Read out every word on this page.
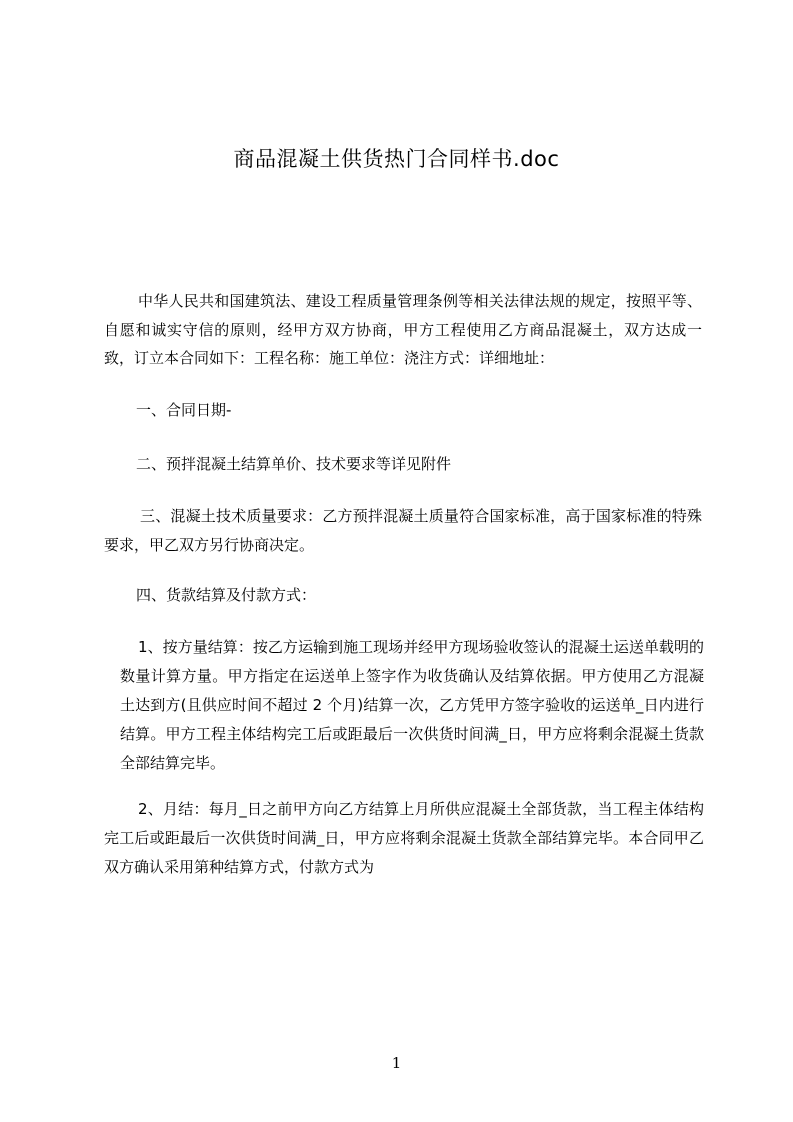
商品混凝土供货热门合同样书.doc

中华人民共和国建筑法、建设工程质量管理条例等相关法律法规的规定，按照平等、自愿和诚实守信的原则，经甲方双方协商，甲方工程使用乙方商品混凝土，双方达成一致，订立本合同如下：工程名称：施工单位：浇注方式：详细地址：

一、合同日期-

二、预拌混凝土结算单价、技术要求等详见附件

三、混凝土技术质量要求：乙方预拌混凝土质量符合国家标准，高于国家标准的特殊要求，甲乙双方另行协商决定。

四、货款结算及付款方式：

1、按方量结算：按乙方运输到施工现场并经甲方现场验收签认的混凝土运送单载明的数量计算方量。甲方指定在运送单上签字作为收货确认及结算依据。甲方使用乙方混凝土达到方(且供应时间不超过 2 个月)结算一次，乙方凭甲方签字验收的运送单_日内进行结算。甲方工程主体结构完工后或距最后一次供货时间满_日，甲方应将剩余混凝土货款全部结算完毕。

2、月结：每月_日之前甲方向乙方结算上月所供应混凝土全部货款，当工程主体结构完工后或距最后一次供货时间满_日，甲方应将剩余混凝土货款全部结算完毕。本合同甲乙双方确认采用第种结算方式，付款方式为

1
